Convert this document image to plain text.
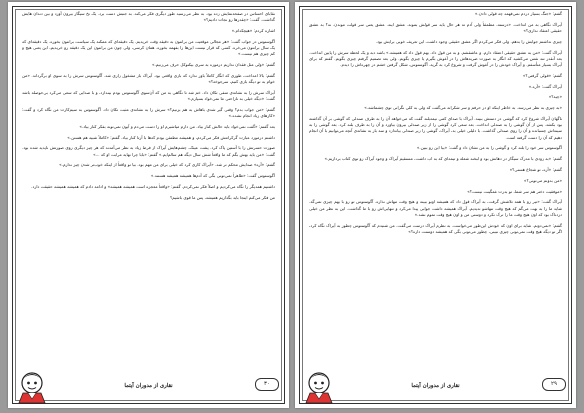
نقابای احساس در صفحه‌نمایش زده بود. به نظر می‌رسید طور دیگری فکر می‌کند. به جنبش دست برد. یک نخ سیگار بیرون آورد و بین دندان هایش گذاشت. گفت: «چقدرها رو نجات دادیم؟»

اشاره کردم: «هیچکدام.»

آگوستوس در جواب گفت: «هر مجالی موقعیت من برانتون به دقیقه وقت خریدیم. یک دقیقه‌ای که ممکنه یک سیاست برانتون بخوره. یک دقیقه‌ای که یک سال برانتون می‌خره. کسی که قرار نیست این‌ها را بفهمه بخوره. همان کرسی، ولی چون من برانتون این یک دقیقه رو خریدیم، این یعنی هیچ و کم چیزی هم نیست.»

گفتم: «ولی مثل فقدان نداریم درموزه به سری بیکتوکل حرف می‌زنیم.»

گفتم: بالا امداخت، طوری که انگار کاملاً باور ندارد که بازی واقعی بود. آیراک باز مشغول زاری شد. آگوستوس سرش را به سوی او برگرداند. «من خوام به تو دیگه بازی کنیم، سرجوخه؟»

آیزاک سرش را به نشانه‌ی منفی تکان داد. خم شد تا نگاهی به من که آن‌سوی آگوستوس بودم بیندازد، و با صدایی که سعی می‌کرد بی‌حوصله باشد گفت: «دیگه خیلی به ناراحتی ما نمی‌خواد بسپارم.»

گفتم: «من جواب بدم؟ وقتی گیر شدی باهاش به هم بزنیم؟» سرش را به نشانه‌ی مثبت تکان داد. آگوستوس به سیم‌کارت من نگاه کرد و گفت: «کارهای زیاد انجام نشده.»

بعد گفتم: «گفت نمی‌خواد باید حالش کنار بیاد. من دارم میاشبرم او را دست می‌دم و آیون نمی‌تونه بفکر کنار بیاد.»

داشتم درمورد عبارت گرکرامش فکر می‌کردم، و همیشه مطمئن بودم که‌ها با آرتا کنار بیاد. گفتم: «کاملاً شبیه هم هستن.»

صورت حسرتش را با آستین پاک کرد. پشت عینک، چشم‌هایش آیراک از فرط زیاد به نظر می‌آمدند که هر چیز دیگری روی صورتش ناپدید شده بود. گفت: «من باید بهش بگم که ما واقعاً شش سال دیگه هم سالم‌ایم.» گفتم: «بابا چرا نهایه مرابت او که ...»

گفتم: «آره» صدایش محکم تر شد. «آیراک کاری کرد که خیلی برای من مهم بود. بیا تو واقعاً از اینکه خوب‌تر شدن چیز ندارم.»

آگوستوس گفت: «ظاهراً نمی‌تونی بگی که آدم‌ها همیشه همیشه هستند.»

داشتیم همدیگر را نگاه می‌کردیم و اصلاً فکر نمی‌کردم. گفتم: «واقعاً معجزه است همیشه همیشه» و ادامه دادم که همیشه همیشه حقیقت دارد.

من فکر می‌کنم اینجا باید بگذاریم همیشه، پس ما قوی باشیم؟

نقاری از مدوران آیتما	۳۰

گفتم: «جنگ بسیار دردم نمی‌فهمد چه قولی دادن.»

آیراک نگاهی به من انداخت. «درسته، مطمئناً ولی آدم ته هر حال باید سر قولش بمونه. عشق اینه. عشق یعنی سر قولت موندن. نه؟ به عشق حقیقی اعتقاد نداری؟»

چیزی نداشتم جوابش را بدهم. ولی فکر می‌کردم اگر عشق حقیقی وجود داشت، این تعریف خوبی برایش بود.

آیراک گفت: «من به عشق حقیقی اعتقاد دارم. و عاشقشم. و به من قول داد. بهم قول داد که همیشه.» باشد دبه و یک لحظه سرش را پایین انداخت. بعد آنقدر تند نفس می‌کشید که انگار به صورت ضربه‌هاش را در آغوش بگیرم یا چیزی بگویم. ولی بعد تصمیم گرفتم چیزی بگویم. گفتم که برای آیراک بسیار متأسفم. و آیراک خودش را در آغوش گرفت و شروع کرد به گریه. آگوستوس، شکل گرفتن خشم در چهره‌اش را دیدم.

گفتم: «قولی گرفتی؟»

آیراک گفت: «آره.»

«چیه؟»

«به چیزی به نظر می‌رسد. به خاطر اینکه او در حرفم و سر شکرانه می‌گفت که ولی به کلی نگرانی توی چشماشه.»

ناگهان آیراک شروع کرد که گوشی در دستش ببیند. آیراک با صدای کمی نیمه‌بلند گفت که می‌خواهد آن را به طرف صندلی که گوشی بر آن گذاشته بود بکشد. پس از آن گوشی را به صندلی انداخت. بعد سعی کرد گوشی را از زیر صندلی بیرون بیاورد و آن را به طرف بلند کرد. بعد گوشی را به سینه‌اش چسبانده و آن را روی صندلی گذاشت. با دلیلی خیلی بد، آیراک، گوشی را زیر صندلی بیاندازد و سه بار به نشانه‌ی آنچه می‌توانیم با آن انجام دهیم که آن را دست گرفته است.

آگوستوس سر خود را بلند کرد و گوشی را به من نشان داد و گفت: «بیا این رو ببین.»

گفتم: «به زودی با مدرک سیگار در دهانش بود و لبخند شعله و تیمه‌ای که به اب داشت، مستقیم آیراک و وجود آیراک رو توی کتاب برداریم.»

گفتم: «آره، تو شجاع هستی؟»

«من بدونم می‌تونی؟»

«موفقیت دختر هم سر شما، تو بدرت غمگینت نیست؟»

آیراک گفت: «تیر رو با همه تلاشش گرفت، به آیراک قول داد که همیشه اونو ببینه و هیچ وقت تنهاش نذاره. آگوستوس تو رو با بهم چیزی نمی‌گه. شاید ما را به بهت می‌گم که هیچ وقت تنها‌شو ندیدیم. آیراک همیشه داشت جوابی پیدا می‌کرد و تنهایی‌اش رو با ما گذاشت. این به نظر من خیلی دردناک بود که اون هیچ وقت ما را ترک نکرد و دوستی من و اون هیچ وقت تموم نشد.»

گفتم: «نمی‌دونم. شاید برای اون که خودش این‌طور می‌خواست. به نظرم آیراک درست می‌گفت. من شنیدم که آگوستوس چطور به آیراک نگاه کرد، اگر تو دیگه هیچ وقت نمی‌تونی چیزی نبینی، چطور می‌تونی بگی که همیشه دوستت داره؟»

نقاری از مدوران آیتما	۲۹
